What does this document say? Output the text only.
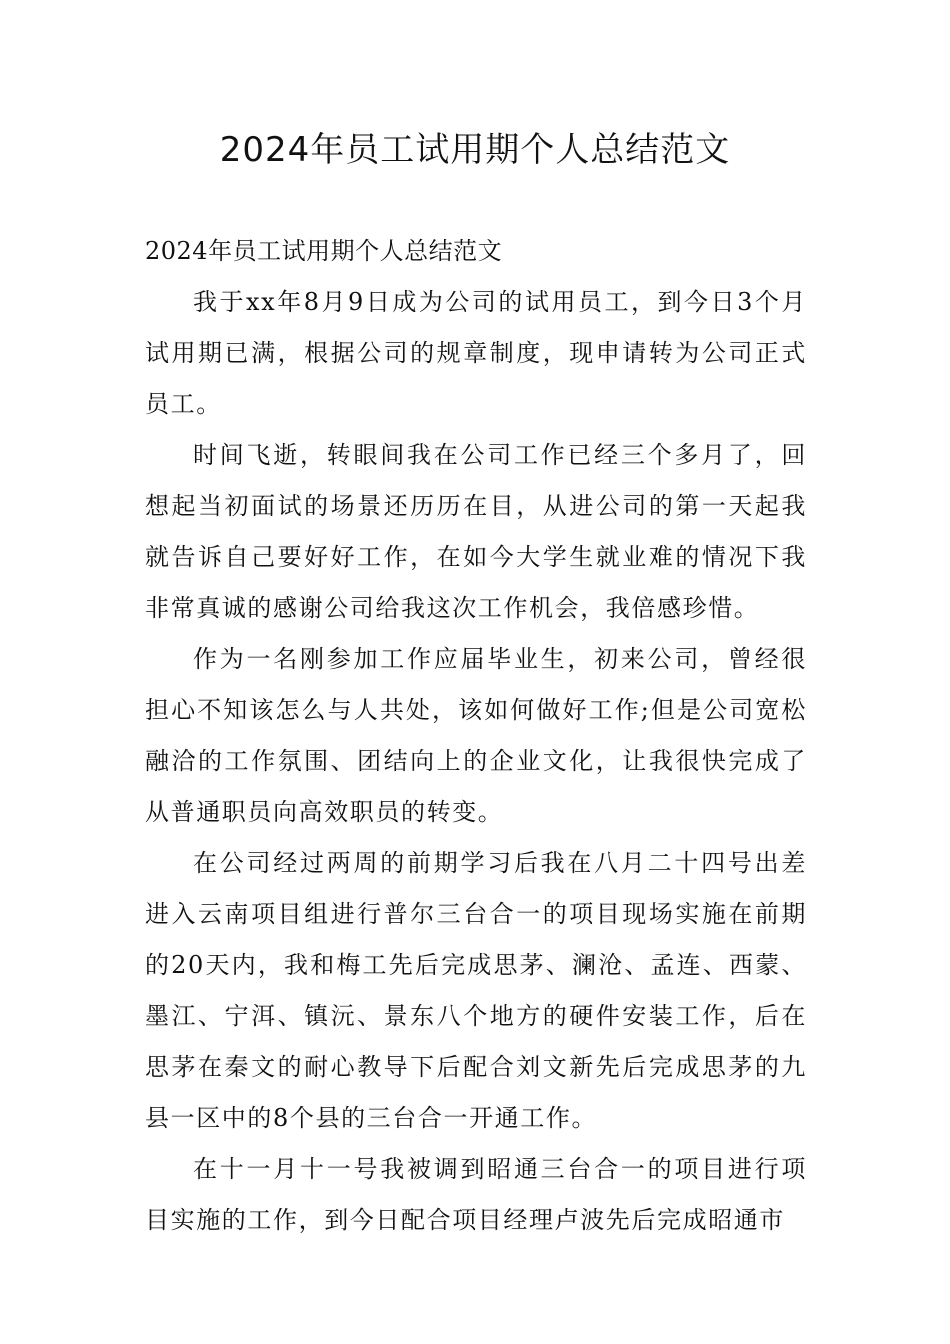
2024年员工试用期个人总结范文

2024年员工试用期个人总结范文

我于xx年8月9日成为公司的试用员工，到今日3个月试用期已满，根据公司的规章制度，现申请转为公司正式员工。

时间飞逝，转眼间我在公司工作已经三个多月了，回想起当初面试的场景还历历在目，从进公司的第一天起我就告诉自己要好好工作，在如今大学生就业难的情况下我非常真诚的感谢公司给我这次工作机会，我倍感珍惜。

作为一名刚参加工作应届毕业生，初来公司，曾经很担心不知该怎么与人共处，该如何做好工作;但是公司宽松融洽的工作氛围、团结向上的企业文化，让我很快完成了从普通职员向高效职员的转变。

在公司经过两周的前期学习后我在八月二十四号出差进入云南项目组进行普尔三台合一的项目现场实施在前期的20天内，我和梅工先后完成思茅、澜沧、孟连、西蒙、墨江、宁洱、镇沅、景东八个地方的硬件安装工作，后在思茅在秦文的耐心教导下后配合刘文新先后完成思茅的九县一区中的8个县的三台合一开通工作。

在十一月十一号我被调到昭通三台合一的项目进行项目实施的工作，到今日配合项目经理卢波先后完成昭通市
